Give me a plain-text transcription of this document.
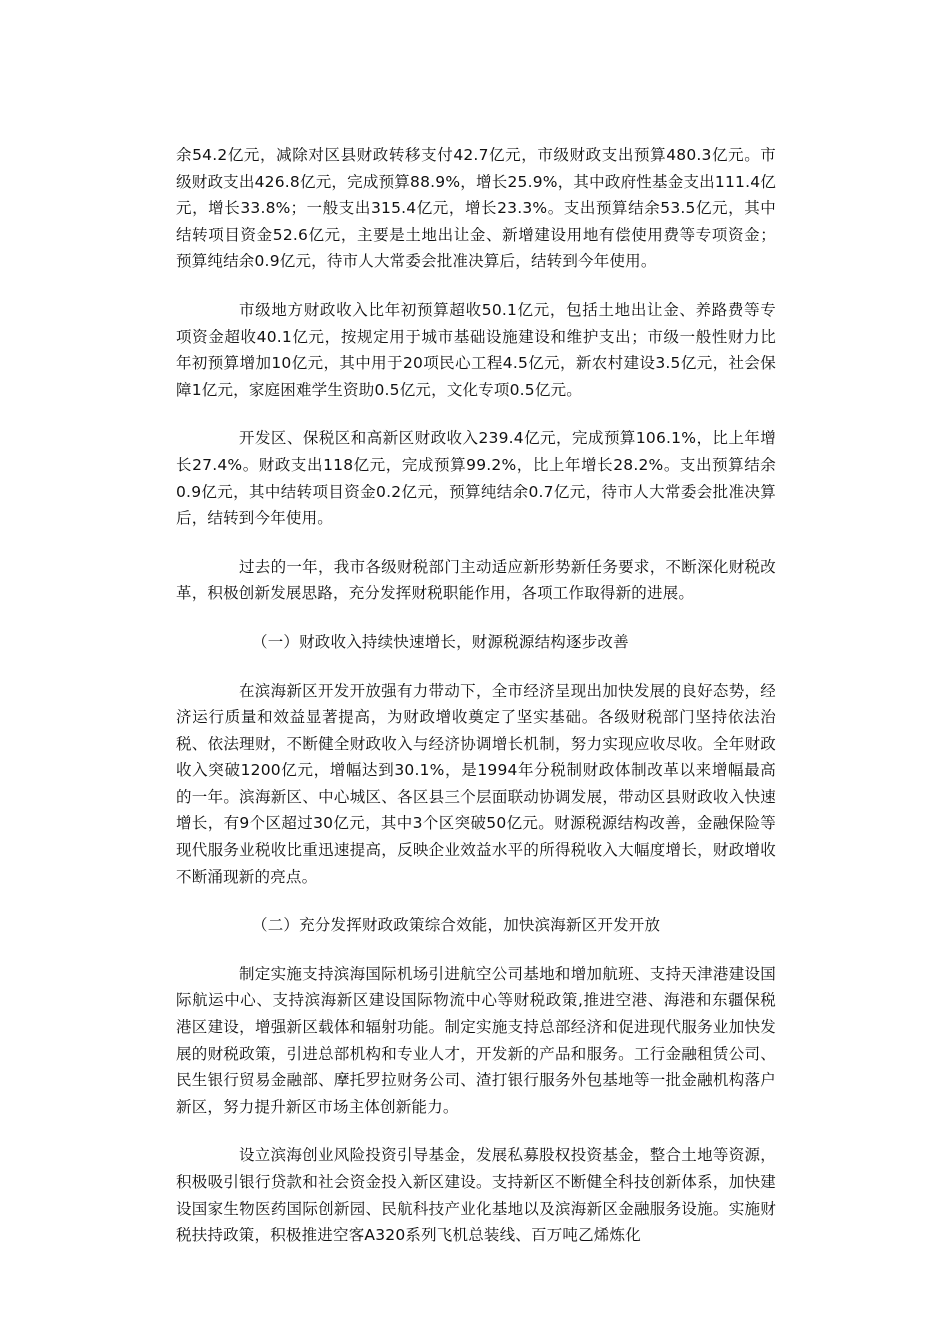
余54.2亿元，减除对区县财政转移支付42.7亿元，市级财政支出预算480.3亿元。市级财政支出426.8亿元，完成预算88.9%，增长25.9%，其中政府性基金支出111.4亿元，增长33.8%；一般支出315.4亿元，增长23.3%。支出预算结余53.5亿元，其中结转项目资金52.6亿元，主要是土地出让金、新增建设用地有偿使用费等专项资金；预算纯结余0.9亿元，待市人大常委会批准决算后，结转到今年使用。

市级地方财政收入比年初预算超收50.1亿元，包括土地出让金、养路费等专项资金超收40.1亿元，按规定用于城市基础设施建设和维护支出；市级一般性财力比年初预算增加10亿元，其中用于20项民心工程4.5亿元，新农村建设3.5亿元，社会保障1亿元，家庭困难学生资助0.5亿元，文化专项0.5亿元。

开发区、保税区和高新区财政收入239.4亿元，完成预算106.1%，比上年增长27.4%。财政支出118亿元，完成预算99.2%，比上年增长28.2%。支出预算结余0.9亿元，其中结转项目资金0.2亿元，预算纯结余0.7亿元，待市人大常委会批准决算后，结转到今年使用。

过去的一年，我市各级财税部门主动适应新形势新任务要求，不断深化财税改革，积极创新发展思路，充分发挥财税职能作用，各项工作取得新的进展。

（一）财政收入持续快速增长，财源税源结构逐步改善

在滨海新区开发开放强有力带动下，全市经济呈现出加快发展的良好态势，经济运行质量和效益显著提高，为财政增收奠定了坚实基础。各级财税部门坚持依法治税、依法理财，不断健全财政收入与经济协调增长机制，努力实现应收尽收。全年财政收入突破1200亿元，增幅达到30.1%，是1994年分税制财政体制改革以来增幅最高的一年。滨海新区、中心城区、各区县三个层面联动协调发展，带动区县财政收入快速增长，有9个区超过30亿元，其中3个区突破50亿元。财源税源结构改善，金融保险等现代服务业税收比重迅速提高，反映企业效益水平的所得税收入大幅度增长，财政增收不断涌现新的亮点。

（二）充分发挥财政政策综合效能，加快滨海新区开发开放

制定实施支持滨海国际机场引进航空公司基地和增加航班、支持天津港建设国际航运中心、支持滨海新区建设国际物流中心等财税政策,推进空港、海港和东疆保税港区建设，增强新区载体和辐射功能。制定实施支持总部经济和促进现代服务业加快发展的财税政策，引进总部机构和专业人才，开发新的产品和服务。工行金融租赁公司、民生银行贸易金融部、摩托罗拉财务公司、渣打银行服务外包基地等一批金融机构落户新区，努力提升新区市场主体创新能力。

设立滨海创业风险投资引导基金，发展私募股权投资基金，整合土地等资源，积极吸引银行贷款和社会资金投入新区建设。支持新区不断健全科技创新体系，加快建设国家生物医药国际创新园、民航科技产业化基地以及滨海新区金融服务设施。实施财税扶持政策，积极推进空客A320系列飞机总装线、百万吨乙烯炼化
